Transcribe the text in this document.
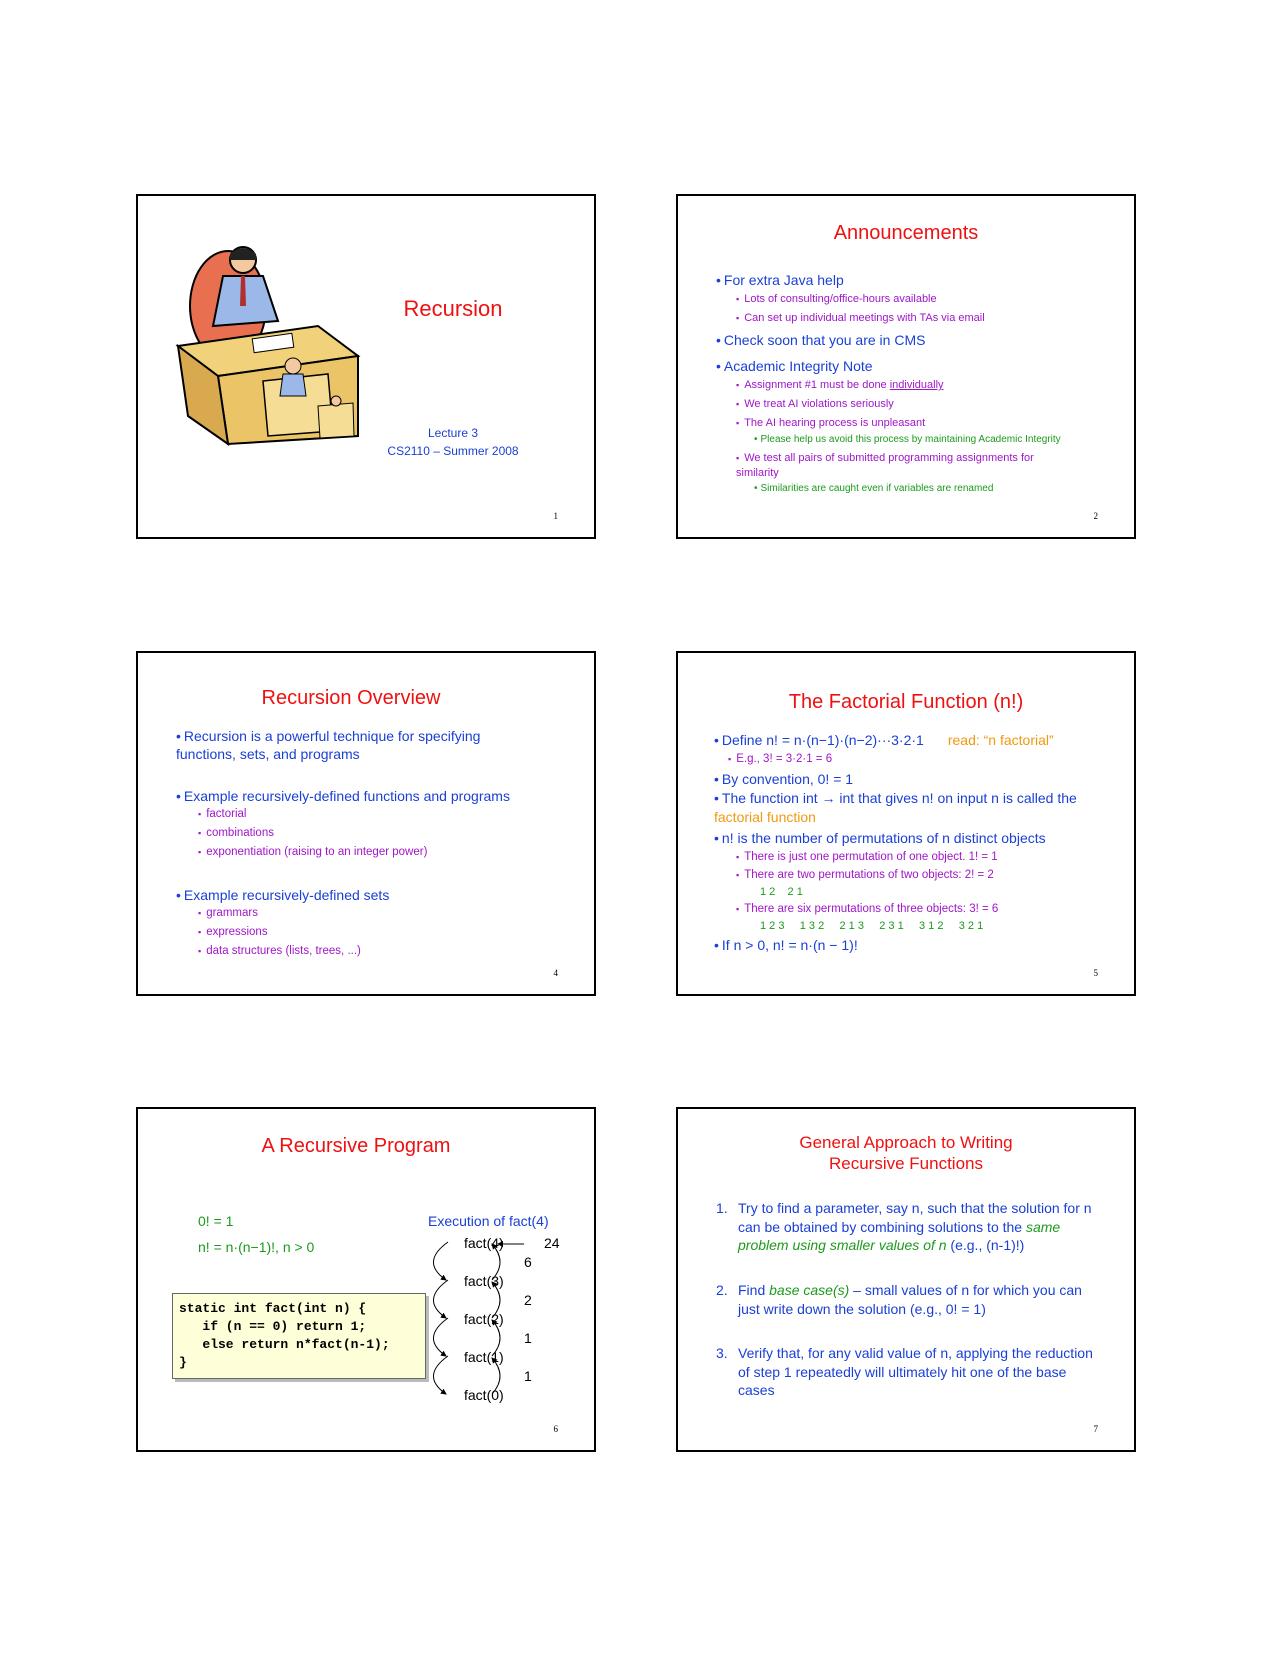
Recursion
Lecture 3
CS2110 – Summer 2008
1
Announcements
• For extra Java help
▪ Lots of consulting/office-hours available
▪ Can set up individual meetings with TAs via email
• Check soon that you are in CMS
• Academic Integrity Note
▪ Assignment #1 must be done individually
▪ We treat AI violations seriously
▪ The AI hearing process is unpleasant
• Please help us avoid this process by maintaining Academic Integrity
▪ We test all pairs of submitted programming assignments for similarity
• Similarities are caught even if variables are renamed
2
Recursion Overview
• Recursion is a powerful technique for specifying functions, sets, and programs
• Example recursively-defined functions and programs
▪ factorial
▪ combinations
▪ exponentiation (raising to an integer power)
• Example recursively-defined sets
▪ grammars
▪ expressions
▪ data structures (lists, trees, ...)
4
The Factorial Function (n!)
• Define n! = n·(n−1)·(n−2)···3·2·1 read: “n factorial”
▪ E.g., 3! = 3·2·1 = 6
• By convention, 0! = 1
• The function int → int that gives n! on input n is called the factorial function
• n! is the number of permutations of n distinct objects
▪ There is just one permutation of one object. 1! = 1
▪ There are two permutations of two objects: 2! = 2
1 2    2 1
▪ There are six permutations of three objects: 3! = 6
1 2 3     1 3 2     2 1 3     2 3 1     3 1 2     3 2 1
• If n > 0, n! = n·(n − 1)!
5
A Recursive Program
0! = 1
n! = n·(n−1)!, n > 0
Execution of fact(4)
static int fact(int n) {
if (n == 0) return 1;
else return n*fact(n-1);
}
fact(4)
fact(3)
fact(2)
fact(1)
fact(0)
24
6
2
1
1
6
General Approach to Writing
Recursive Functions
1. Try to find a parameter, say n, such that the solution for n can be obtained by combining solutions to the same problem using smaller values of n (e.g., (n-1)!)
2. Find base case(s) – small values of n for which you can just write down the solution (e.g., 0! = 1)
3. Verify that, for any valid value of n, applying the reduction of step 1 repeatedly will ultimately hit one of the base cases
7
